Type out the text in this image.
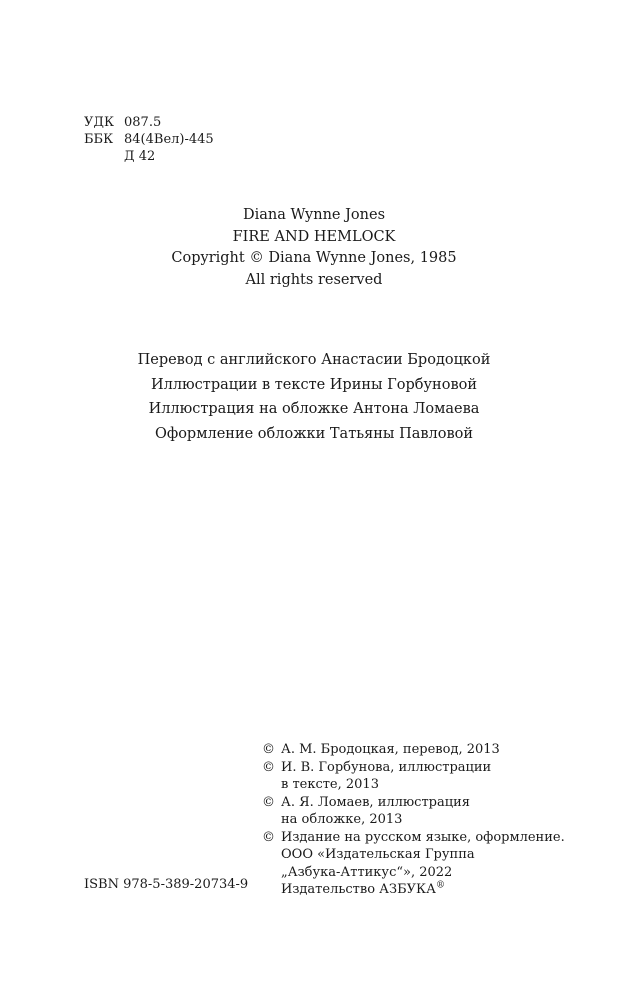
УДК 087.5
ББК 84(4Вел)-445
Д 42
Diana Wynne Jones
FIRE AND HEMLOCK
Copyright © Diana Wynne Jones, 1985
All rights reserved
Перевод с английского Анастасии Бродоцкой
Иллюстрации в тексте Ирины Горбуновой
Иллюстрация на обложке Антона Ломаева
Оформление обложки Татьяны Павловой
© А. М. Бродоцкая, перевод, 2013
© И. В. Горбунова, иллюстрации
в тексте, 2013
© А. Я. Ломаев, иллюстрация
на обложке, 2013
© Издание на русском языке, оформление.
ООО «Издательская Группа
„Азбука-Аттикус“», 2022
Издательство АЗБУКА®
ISBN 978-5-389-20734-9
